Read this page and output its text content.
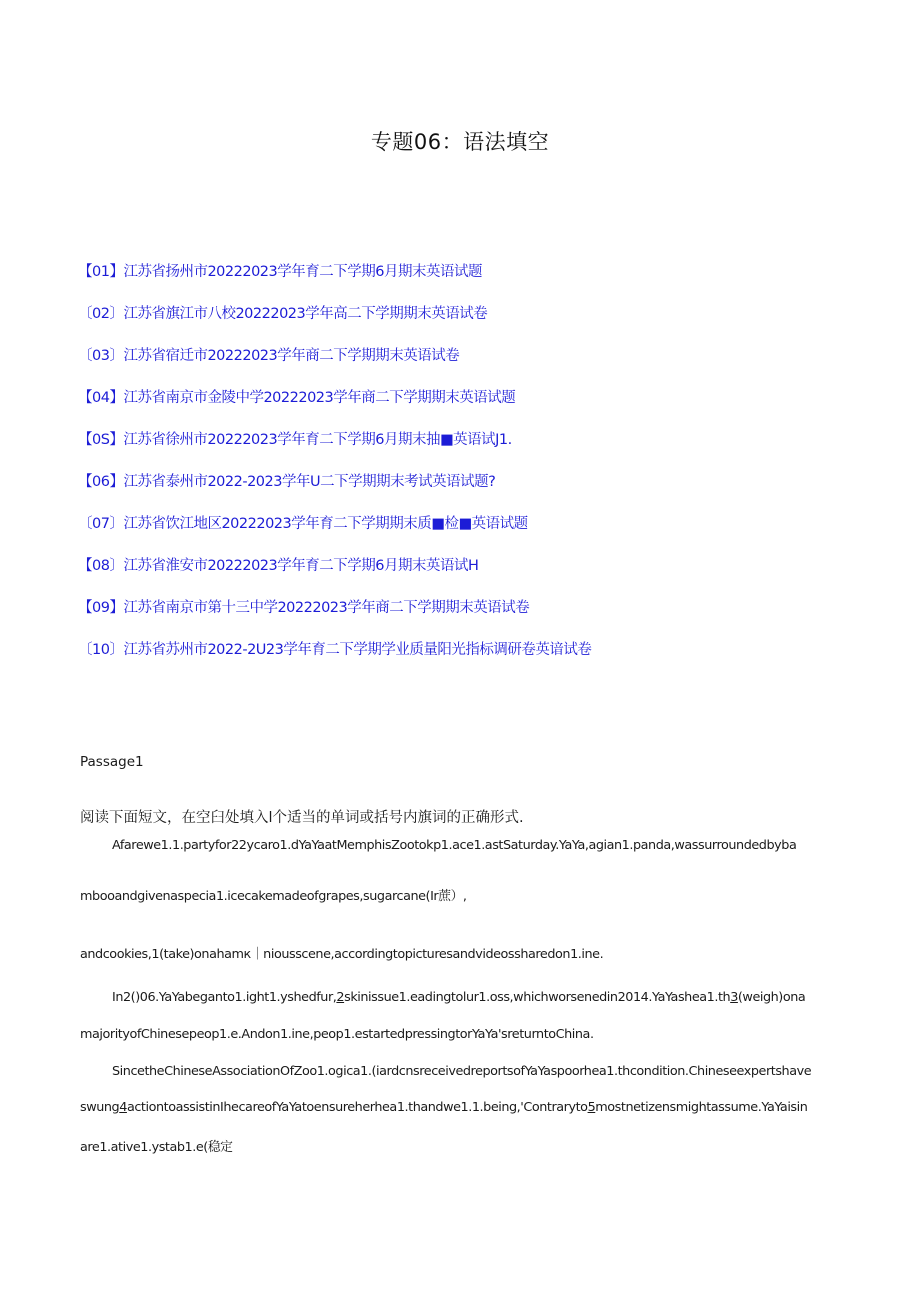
专题06：语法填空
【01】江苏省扬州市20222023学年育二下学期6月期末英语试题
〔02〕江苏省旗江市八校20222023学年高二下学期期末英语试卷
〔03〕江苏省宿迁市20222023学年商二下学期期末英语试卷
【04】江苏省南京市金陵中学20222023学年商二下学期期末英语试题
【0S】江苏省徐州市20222023学年育二下学期6月期末抽■英语试J1.
【06】江苏省泰州市2022-2023学年U二下学期期末考试英语试题?
〔07〕江苏省饮江地区20222023学年育二下学期期末质■检■英语试题
【08〕江苏省淮安市20222023学年育二下学期6月期末英语试H
【09】江苏省南京市第十三中学20222023学年商二下学期期末英语试卷
〔10〕江苏省苏州市2022-2U23学年育二下学期学业质量阳光指标调研卷英谙试卷
Passage1
阅读下面短文，在空臼处填入l个适当的单词或括号内旗词的正确形式.
Afarewe1.1.partyfor22ycaro1.dYaYaatMemphisZootokp1.ace1.astSaturday.YaYa,agian1.panda,wassurroundedbyba
mbooandgivenaspecia1.icecakemadeofgrapes,sugarcane(Ir蔗）,
andcookies,1(take)onahamк｜niousscene,accordingtopicturesandvideossharedon1.ine.
In2()06.YaYabeganto1.ight1.yshedfur,2skinissue1.eadingtolur1.oss,whichworsenedin2014.YaYashea1.th3(weigh)ona
majorityofChinesepeop1.e.Andon1.ine,peop1.estartedpressingtorYaYa'sreturntoChina.
SincetheChineseAssociationOfZoo1.ogica1.(iardcnsreceivedreportsofYaYaspoorhea1.thcondition.Chineseexpertshave
swung4actiontoassistinIhecareofYaYatoensureherhea1.thandwe1.1.being,'Contraryto5mostnetizensmightassume.YaYaisin
are1.ative1.ystab1.e(稳定
